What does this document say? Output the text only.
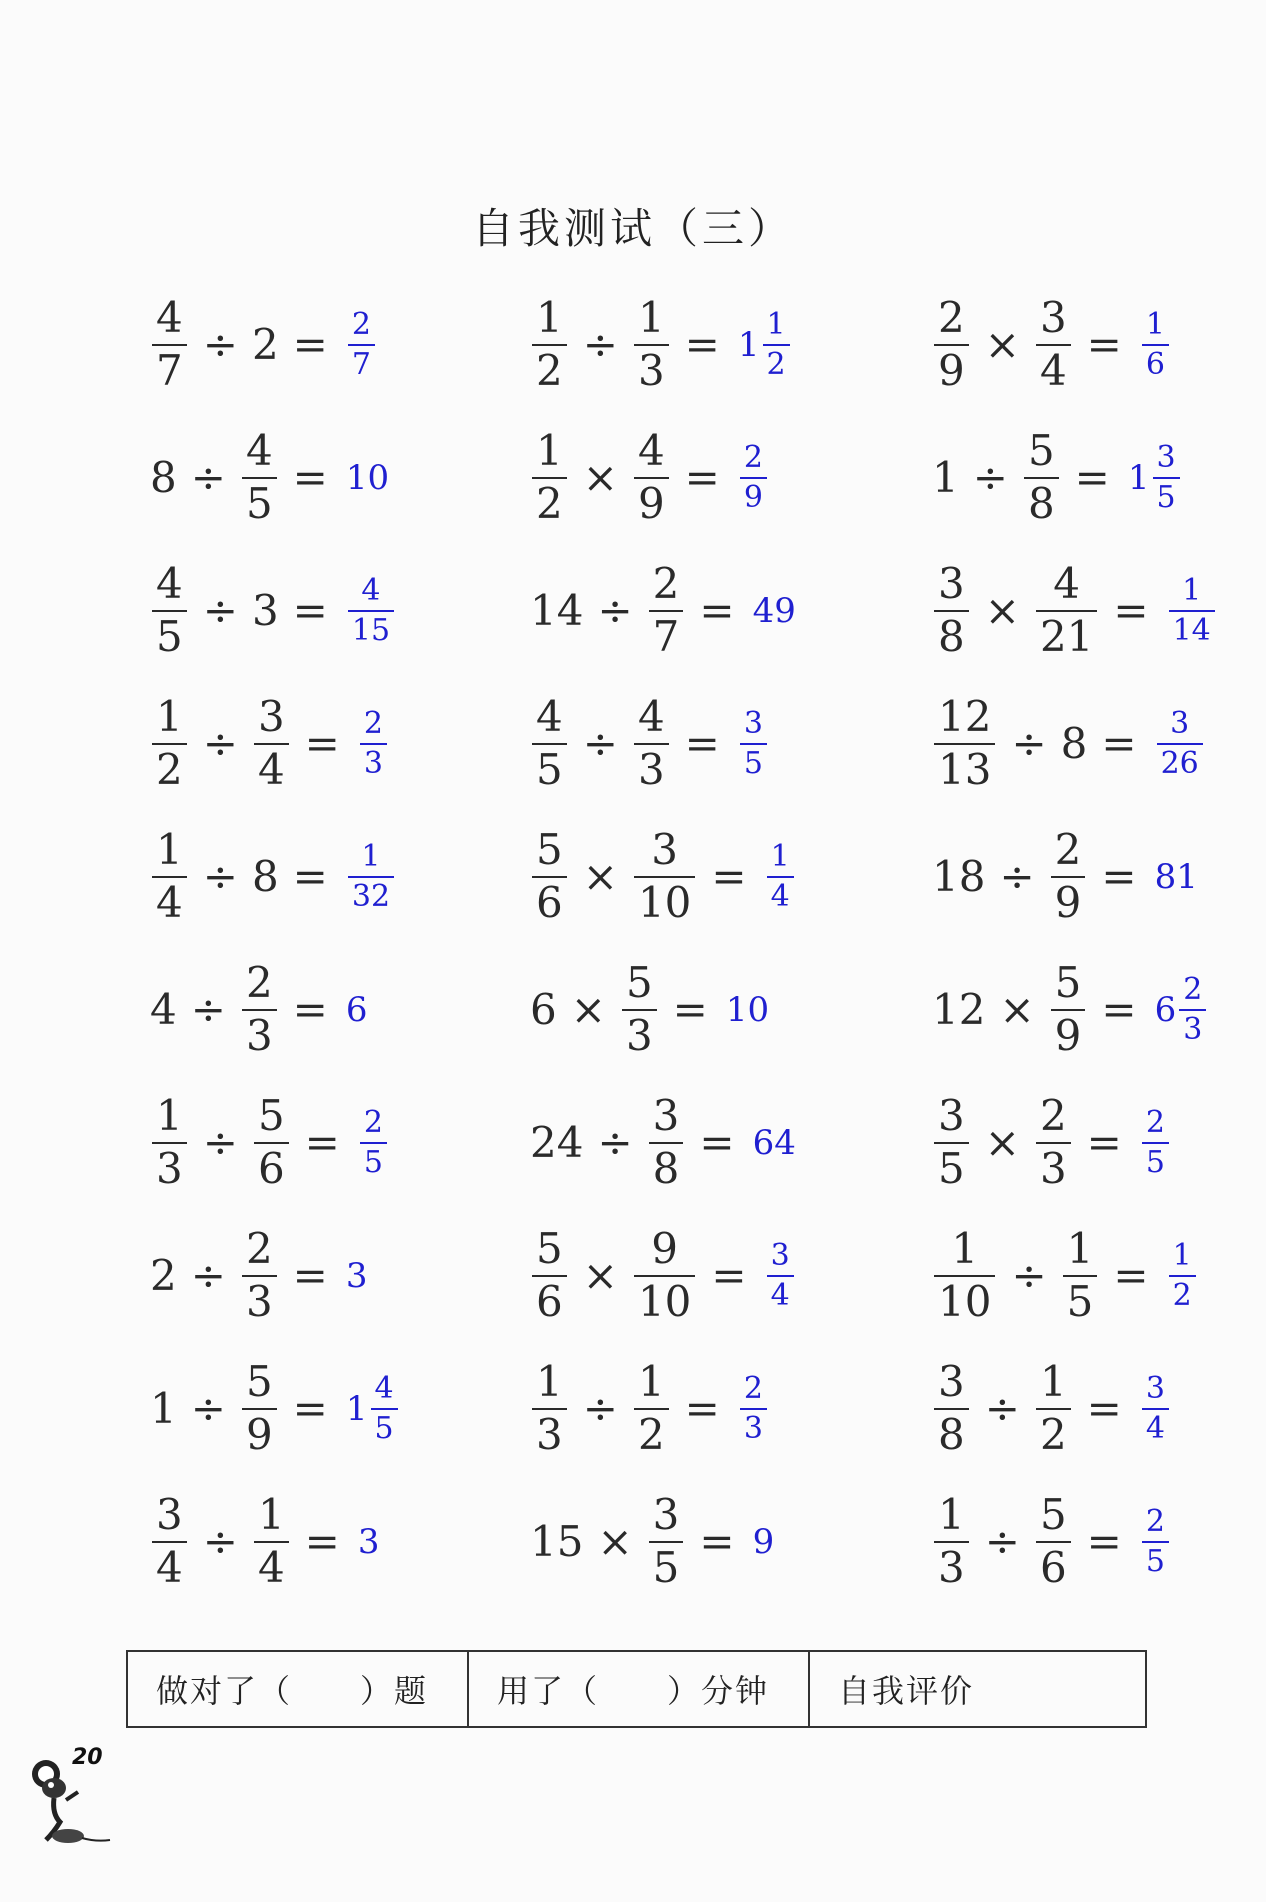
自我测试（三）
$\frac{4}{7} \div 2 = \frac{2}{7}$	$\frac{1}{2} \div \frac{1}{3} = 1 \frac{1}{2}$	$\frac{2}{9} \times \frac{3}{4} = \frac{1}{6}$
$8 \div \frac{4}{5} = 10$	$\frac{1}{2} \times \frac{4}{9} = \frac{2}{9}$	$1 \div \frac{5}{8} = 1 \frac{3}{5}$
$\frac{4}{5} \div 3 = \frac{4}{15}$	$14 \div \frac{2}{7} = 49$	$\frac{3}{8} \times \frac{4}{21} = \frac{1}{14}$
$\frac{1}{2} \div \frac{3}{4} = \frac{2}{3}$	$\frac{4}{5} \div \frac{4}{3} = \frac{3}{5}$	$\frac{12}{13} \div 8 = \frac{3}{26}$
$\frac{1}{4} \div 8 = \frac{1}{32}$	$\frac{5}{6} \times \frac{3}{10} = \frac{1}{4}$	$18 \div \frac{2}{9} = 81$
$4 \div \frac{2}{3} = 6$	$6 \times \frac{5}{3} = 10$	$12 \times \frac{5}{9} = 6 \frac{2}{3}$
$\frac{1}{3} \div \frac{5}{6} = \frac{2}{5}$	$24 \div \frac{3}{8} = 64$	$\frac{3}{5} \times \frac{2}{3} = \frac{2}{5}$
$2 \div \frac{2}{3} = 3$	$\frac{5}{6} \times \frac{9}{10} = \frac{3}{4}$	$\frac{1}{10} \div \frac{1}{5} = \frac{1}{2}$
$1 \div \frac{5}{9} = 1 \frac{4}{5}$	$\frac{1}{3} \div \frac{1}{2} = \frac{2}{3}$	$\frac{3}{8} \div \frac{1}{2} = \frac{3}{4}$
$\frac{3}{4} \div \frac{1}{4} = 3$	$15 \times \frac{3}{5} = 9$	$\frac{1}{3} \div \frac{5}{6} = \frac{2}{5}$
做对了（　　）题	用了（　　）分钟	自我评价
20
